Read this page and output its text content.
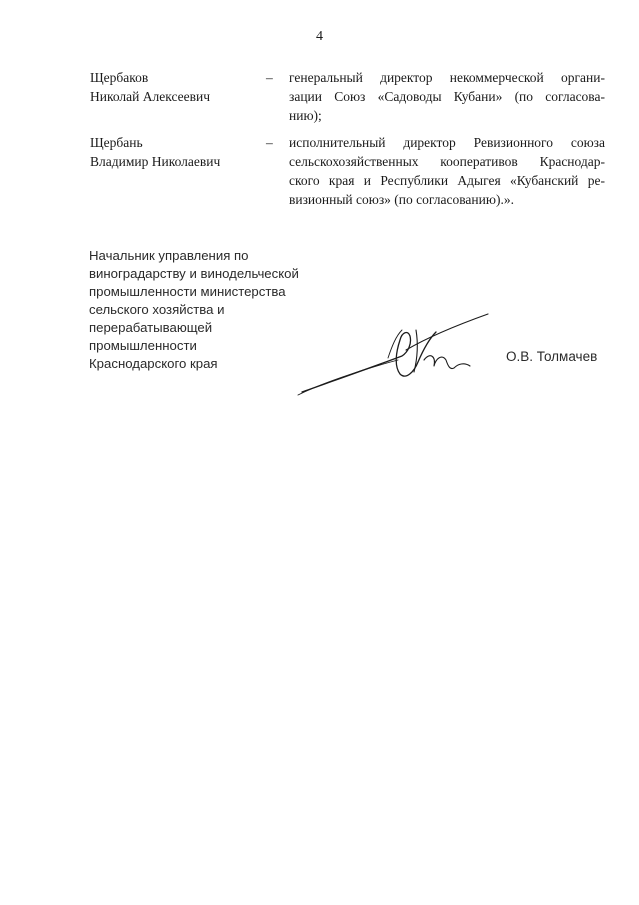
4
Щербаков
Николай Алексеевич
– генеральный директор некоммерческой органи-
зации Союз «Садоводы Кубани» (по согласова-
нию);
Щербань
Владимир Николаевич
– исполнительный директор Ревизионного союза
сельскохозяйственных кооперативов Краснодар-
ского края и Республики Адыгея «Кубанский ре-
визионный союз» (по согласованию).».
Начальник управления по
виноградарству и винодельческой
промышленности министерства
сельского хозяйства и
перерабатывающей
промышленности
Краснодарского края	О.В. Толмачев
